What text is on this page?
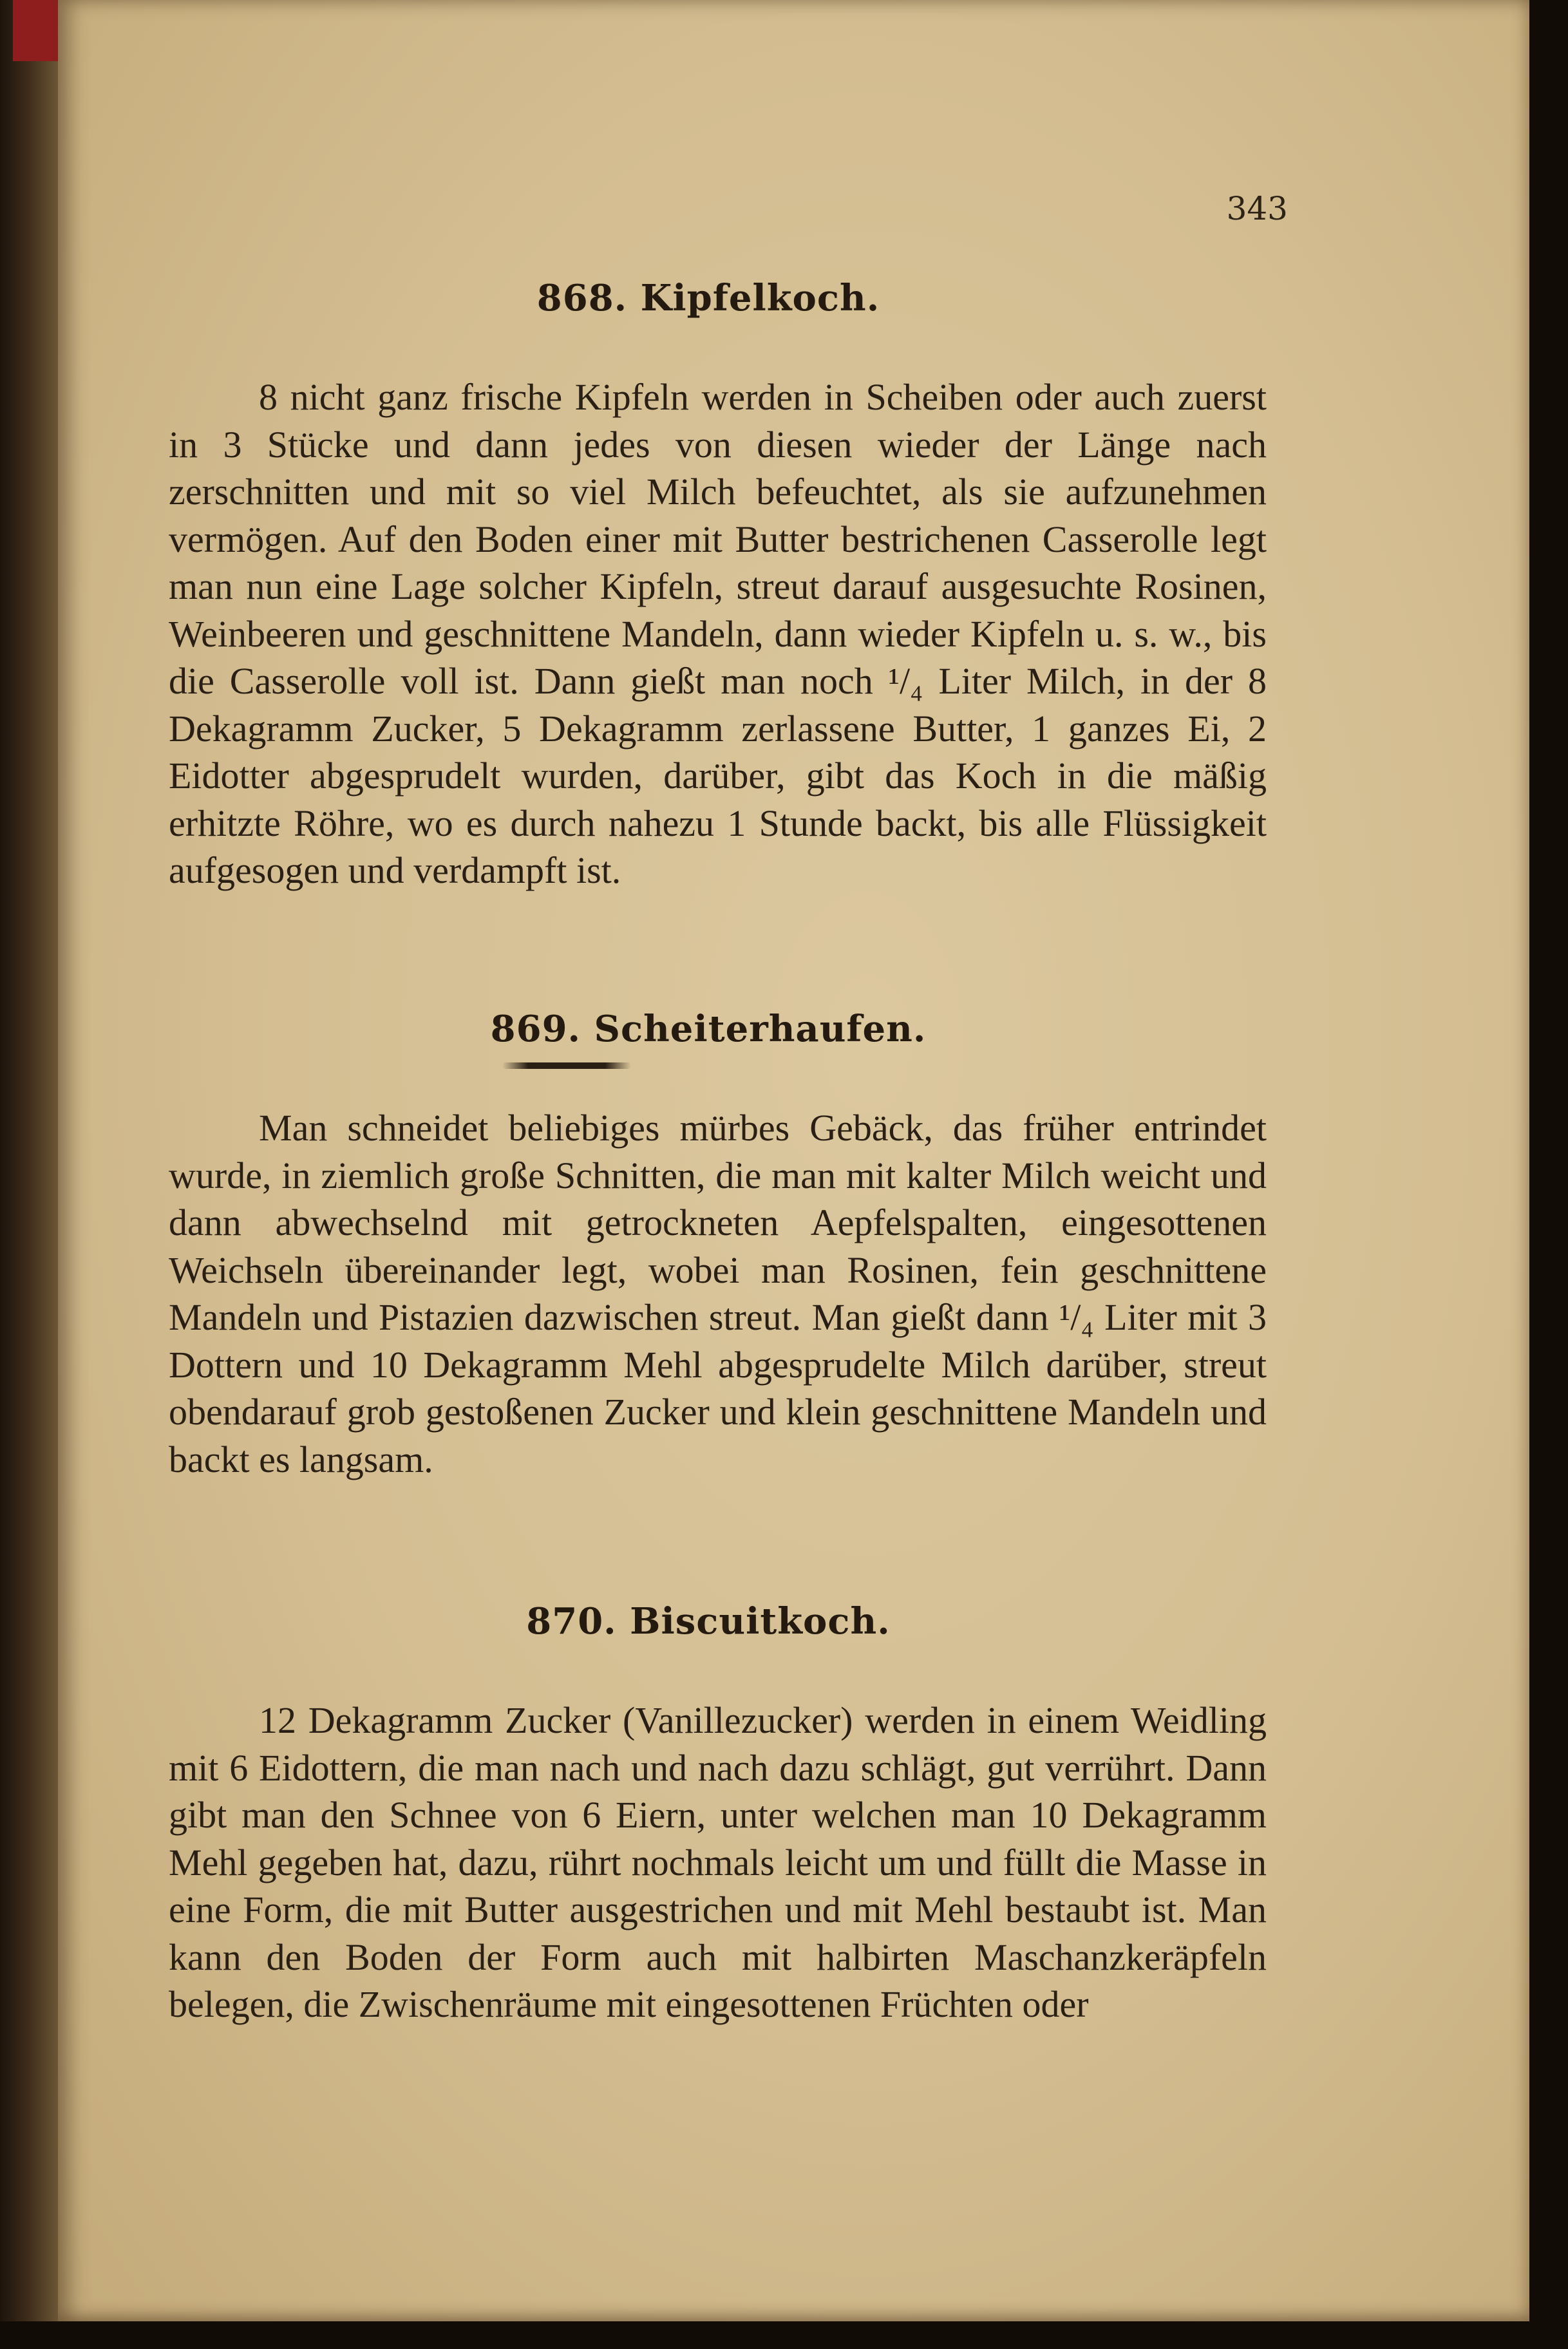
343
868. Kipfelkoch.

8 nicht ganz frische Kipfeln werden in Scheiben oder auch zuerst in 3 Stücke und dann jedes von diesen wieder der Länge nach zerschnitten und mit so viel Milch befeuchtet, als sie aufzunehmen vermögen. Auf den Boden einer mit Butter bestrichenen Casserolle legt man nun eine Lage solcher Kipfeln, streut darauf ausgesuchte Rosinen, Weinbeeren und geschnittene Mandeln, dann wieder Kipfeln u. s. w., bis die Casserolle voll ist. Dann gießt man noch ¹/₄ Liter Milch, in der 8 Dekagramm Zucker, 5 Dekagramm zerlassene Butter, 1 ganzes Ei, 2 Eidotter abgesprudelt wurden, darüber, gibt das Koch in die mäßig erhitzte Röhre, wo es durch nahezu 1 Stunde backt, bis alle Flüssigkeit aufgesogen und verdampft ist.

869. Scheiterhaufen.

Man schneidet beliebiges mürbes Gebäck, das früher entrindet wurde, in ziemlich große Schnitten, die man mit kalter Milch weicht und dann abwechselnd mit getrockneten Aepfelspalten, eingesottenen Weichseln übereinander legt, wobei man Rosinen, fein geschnittene Mandeln und Pistazien dazwischen streut. Man gießt dann ¹/₄ Liter mit 3 Dottern und 10 Dekagramm Mehl abgesprudelte Milch darüber, streut obendarauf grob gestoßenen Zucker und klein geschnittene Mandeln und backt es langsam.

870. Biscuitkoch.

12 Dekagramm Zucker (Vanillezucker) werden in einem Weidling mit 6 Eidottern, die man nach und nach dazu schlägt, gut verrührt. Dann gibt man den Schnee von 6 Eiern, unter welchen man 10 Dekagramm Mehl gegeben hat, dazu, rührt nochmals leicht um und füllt die Masse in eine Form, die mit Butter ausgestrichen und mit Mehl bestaubt ist. Man kann den Boden der Form auch mit halbirten Maschanzkeräpfeln belegen, die Zwischenräume mit eingesottenen Früchten oder
